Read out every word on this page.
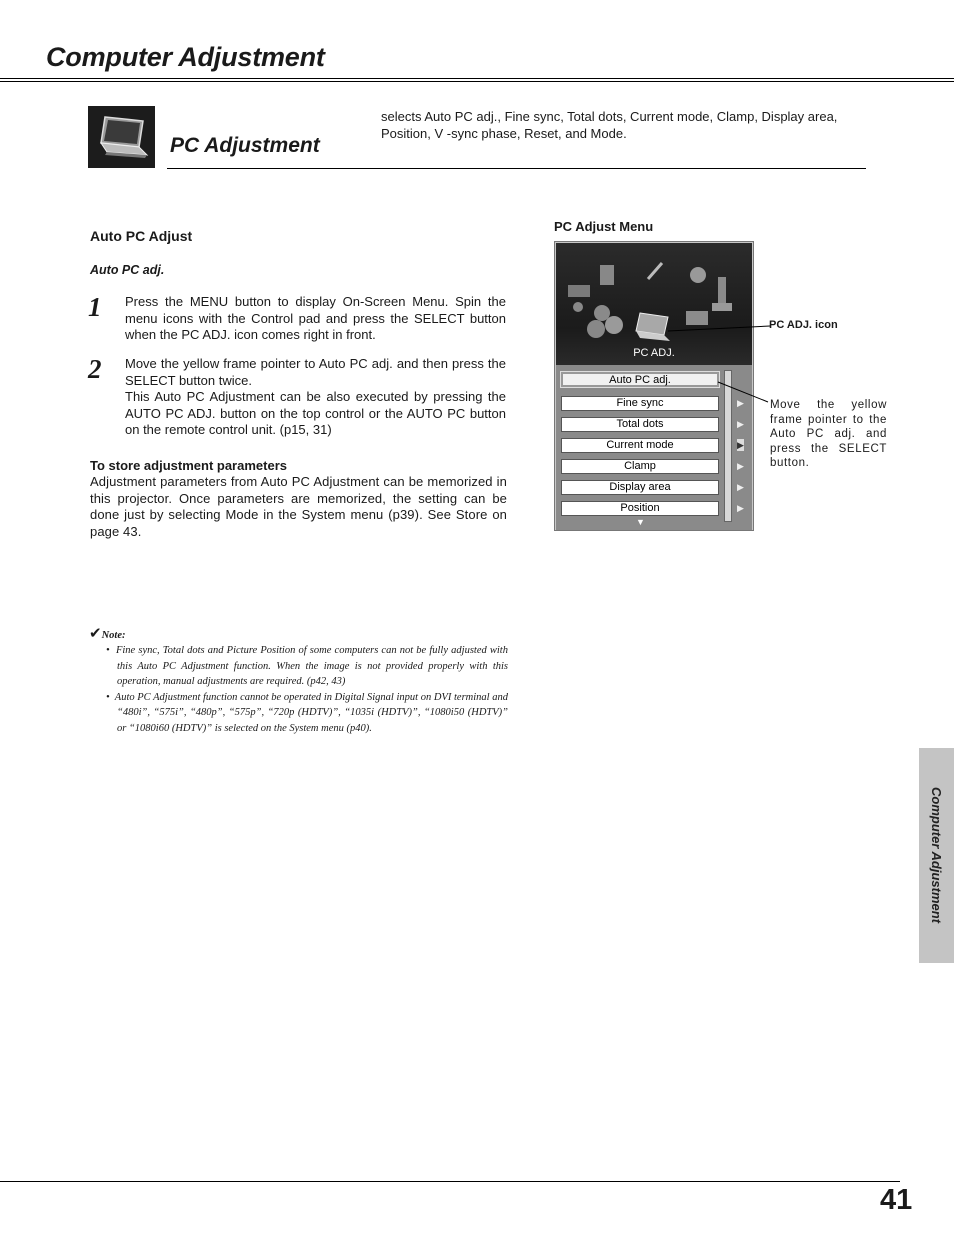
Computer Adjustment
PC Adjustment
selects Auto PC adj., Fine sync, Total dots, Current mode, Clamp, Display area, Position, V -sync phase, Reset, and Mode.
Auto PC Adjust
Auto PC adj.
1 Press the MENU button to display On-Screen Menu. Spin the menu icons with the Control pad and press the SELECT button when the PC ADJ. icon comes right in front.
2 Move the yellow frame pointer to Auto PC adj. and then press the SELECT button twice.
This Auto PC Adjustment can be also executed by pressing the AUTO PC ADJ. button on the top control or the AUTO PC button on the remote control unit. (p15, 31)
To store adjustment parameters
Adjustment parameters from Auto PC Adjustment can be memorized in this projector. Once parameters are memorized, the setting can be done just by selecting Mode in the System menu (p39). See Store on page 43.
PC Adjust Menu
PC ADJ.
Auto PC adj.
Fine sync
Total dots
Current mode
Clamp
Display area
Position
▶
▶
▶
▶
▶
▶
▼
PC ADJ. icon
Move the yellow frame pointer to the Auto PC adj. and press the SELECT button.
✔Note:
•  Fine sync, Total dots and Picture Position of some computers can not be fully adjusted with this Auto PC Adjustment function. When the image is not provided properly with this operation, manual adjustments are required. (p42, 43)
•  Auto PC Adjustment function cannot be operated in Digital Signal input on DVI terminal and “480i”, “575i”, “480p”, “575p”, “720p (HDTV)”, “1035i (HDTV)”, “1080i50 (HDTV)” or “1080i60 (HDTV)” is selected on the System menu (p40).
Computer Adjustment
41
